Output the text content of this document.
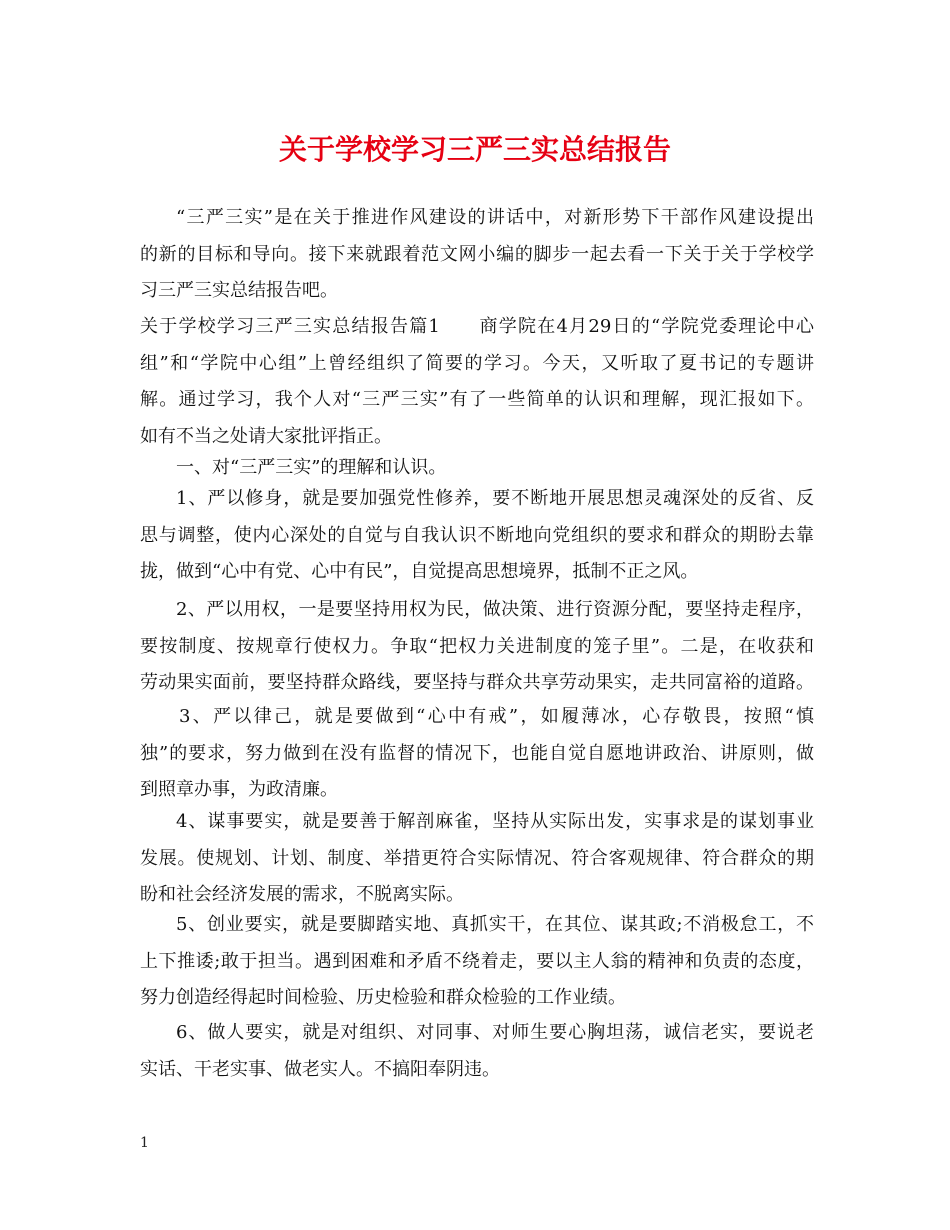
关于学校学习三严三实总结报告
“三严三实”是在关于推进作风建设的讲话中，对新形势下干部作风建设提出
的新的目标和导向。接下来就跟着范文网小编的脚步一起去看一下关于关于学校学
习三严三实总结报告吧。
关于学校学习三严三实总结报告篇1　　商学院在4月29日的“学院党委理论中心
组”和“学院中心组”上曾经组织了简要的学习。今天，又听取了夏书记的专题讲
解。通过学习，我个人对“三严三实”有了一些简单的认识和理解，现汇报如下。
如有不当之处请大家批评指正。
一、对“三严三实”的理解和认识。
1、严以修身，就是要加强党性修养，要不断地开展思想灵魂深处的反省、反
思与调整，使内心深处的自觉与自我认识不断地向党组织的要求和群众的期盼去靠
拢，做到“心中有党、心中有民”，自觉提高思想境界，抵制不正之风。
2、严以用权，一是要坚持用权为民，做决策、进行资源分配，要坚持走程序，
要按制度、按规章行使权力。争取“把权力关进制度的笼子里”。二是，在收获和
劳动果实面前，要坚持群众路线，要坚持与群众共享劳动果实，走共同富裕的道路。
3、严以律己，就是要做到“心中有戒”，如履薄冰，心存敬畏，按照“慎
独”的要求，努力做到在没有监督的情况下，也能自觉自愿地讲政治、讲原则，做
到照章办事，为政清廉。
4、谋事要实，就是要善于解剖麻雀，坚持从实际出发，实事求是的谋划事业
发展。使规划、计划、制度、举措更符合实际情况、符合客观规律、符合群众的期
盼和社会经济发展的需求，不脱离实际。
5、创业要实，就是要脚踏实地、真抓实干，在其位、谋其政;不消极怠工，不
上下推诿;敢于担当。遇到困难和矛盾不绕着走，要以主人翁的精神和负责的态度，
努力创造经得起时间检验、历史检验和群众检验的工作业绩。
6、做人要实，就是对组织、对同事、对师生要心胸坦荡，诚信老实，要说老
实话、干老实事、做老实人。不搞阳奉阴违。
1
